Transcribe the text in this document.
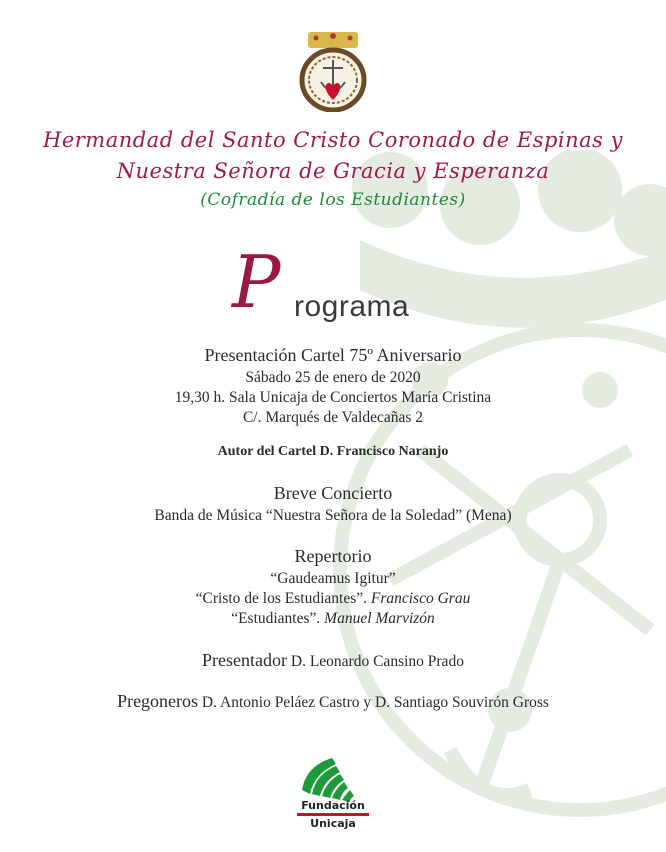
Hermandad del Santo Cristo Coronado de Espinas y
Nuestra Señora de Gracia y Esperanza
(Cofradía de los Estudiantes)
P rograma
Presentación Cartel 75º Aniversario
Sábado 25 de enero de 2020
19,30 h. Sala Unicaja de Conciertos María Cristina
C/. Marqués de Valdecañas 2
Autor del Cartel D. Francisco Naranjo
Breve Concierto
Banda de Música “Nuestra Señora de la Soledad” (Mena)
Repertorio
“Gaudeamus Igitur”
“Cristo de los Estudiantes”. Francisco Grau
“Estudiantes”. Manuel Marvizón
Presentador D. Leonardo Cansino Prado
Pregoneros D. Antonio Peláez Castro y D. Santiago Souvirón Gross
Fundación
Unicaja
